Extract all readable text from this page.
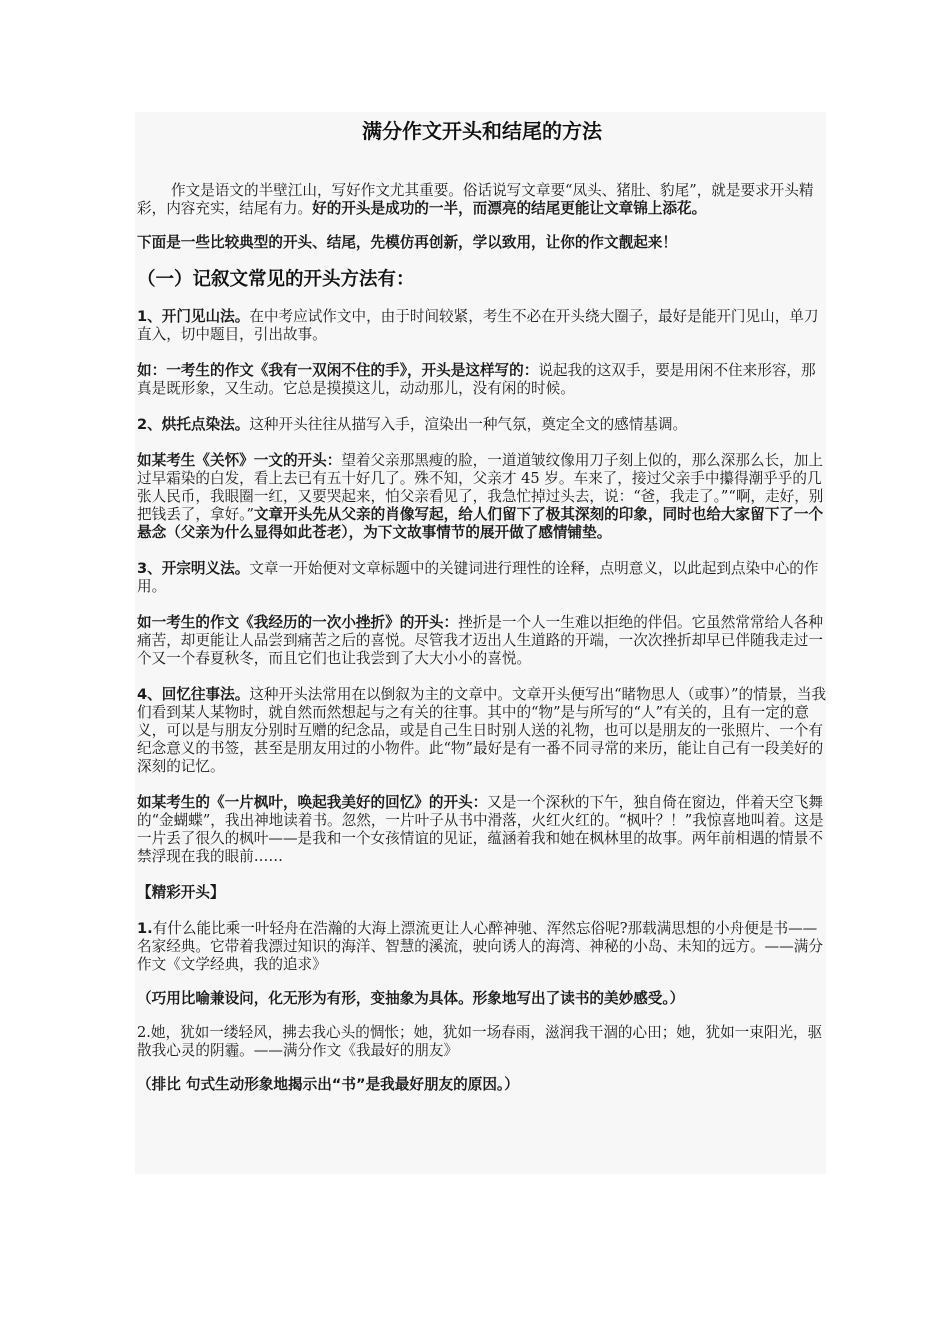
满分作文开头和结尾的方法

作文是语文的半壁江山，写好作文尤其重要。俗话说写文章要“凤头、猪肚、豹尾”，就是要求开头精彩，内容充实，结尾有力。好的开头是成功的一半，而漂亮的结尾更能让文章锦上添花。

下面是一些比较典型的开头、结尾，先模仿再创新，学以致用，让你的作文靓起来！

（一）记叙文常见的开头方法有：

1、开门见山法。在中考应试作文中，由于时间较紧，考生不必在开头绕大圈子，最好是能开门见山，单刀直入，切中题目，引出故事。

如：一考生的作文《我有一双闲不住的手》，开头是这样写的：说起我的这双手，要是用闲不住来形容，那真是既形象，又生动。它总是摸摸这儿，动动那儿，没有闲的时候。

2、烘托点染法。这种开头往往从描写入手，渲染出一种气氛，奠定全文的感情基调。

如某考生《关怀》一文的开头：望着父亲那黑瘦的脸，一道道皱纹像用刀子刻上似的，那么深那么长，加上过早霜染的白发，看上去已有五十好几了。殊不知，父亲才 45 岁。车来了，接过父亲手中攥得潮乎乎的几张人民币，我眼圈一红，又要哭起来，怕父亲看见了，我急忙掉过头去，说：“爸，我走了。”“啊，走好，别把钱丢了，拿好。”文章开头先从父亲的肖像写起，给人们留下了极其深刻的印象，同时也给大家留下了一个悬念（父亲为什么显得如此苍老），为下文故事情节的展开做了感情铺垫。

3、开宗明义法。文章一开始便对文章标题中的关键词进行理性的诠释，点明意义，以此起到点染中心的作用。

如一考生的作文《我经历的一次小挫折》的开头：挫折是一个人一生难以拒绝的伴侣。它虽然常常给人各种痛苦，却更能让人品尝到痛苦之后的喜悦。尽管我才迈出人生道路的开端，一次次挫折却早已伴随我走过一个又一个春夏秋冬，而且它们也让我尝到了大大小小的喜悦。

4、回忆往事法。这种开头法常用在以倒叙为主的文章中。文章开头便写出“睹物思人（或事）”的情景，当我们看到某人某物时，就自然而然想起与之有关的往事。其中的“物”是与所写的“人”有关的，且有一定的意义，可以是与朋友分别时互赠的纪念品，或是自己生日时别人送的礼物，也可以是朋友的一张照片、一个有纪念意义的书签，甚至是朋友用过的小物件。此“物”最好是有一番不同寻常的来历，能让自己有一段美好的深刻的记忆。

如某考生的《一片枫叶，唤起我美好的回忆》的开头：又是一个深秋的下午，独自倚在窗边，伴着天空飞舞的“金蝴蝶”，我出神地读着书。忽然，一片叶子从书中滑落，火红火红的。“枫叶？！”我惊喜地叫着。这是一片丢了很久的枫叶——是我和一个女孩情谊的见证，蕴涵着我和她在枫林里的故事。两年前相遇的情景不禁浮现在我的眼前……

【精彩开头】

1.有什么能比乘一叶轻舟在浩瀚的大海上漂流更让人心醉神驰、浑然忘俗呢?那载满思想的小舟便是书——名家经典。它带着我漂过知识的海洋、智慧的溪流，驶向诱人的海湾、神秘的小岛、未知的远方。——满分作文《文学经典，我的追求》

（巧用比喻兼设问，化无形为有形，变抽象为具体。形象地写出了读书的美妙感受。）

2.她，犹如一缕轻风，拂去我心头的惆怅；她，犹如一场春雨，滋润我干涸的心田；她，犹如一束阳光，驱散我心灵的阴霾。——满分作文《我最好的朋友》

（排比 句式生动形象地揭示出“书”是我最好朋友的原因。）
